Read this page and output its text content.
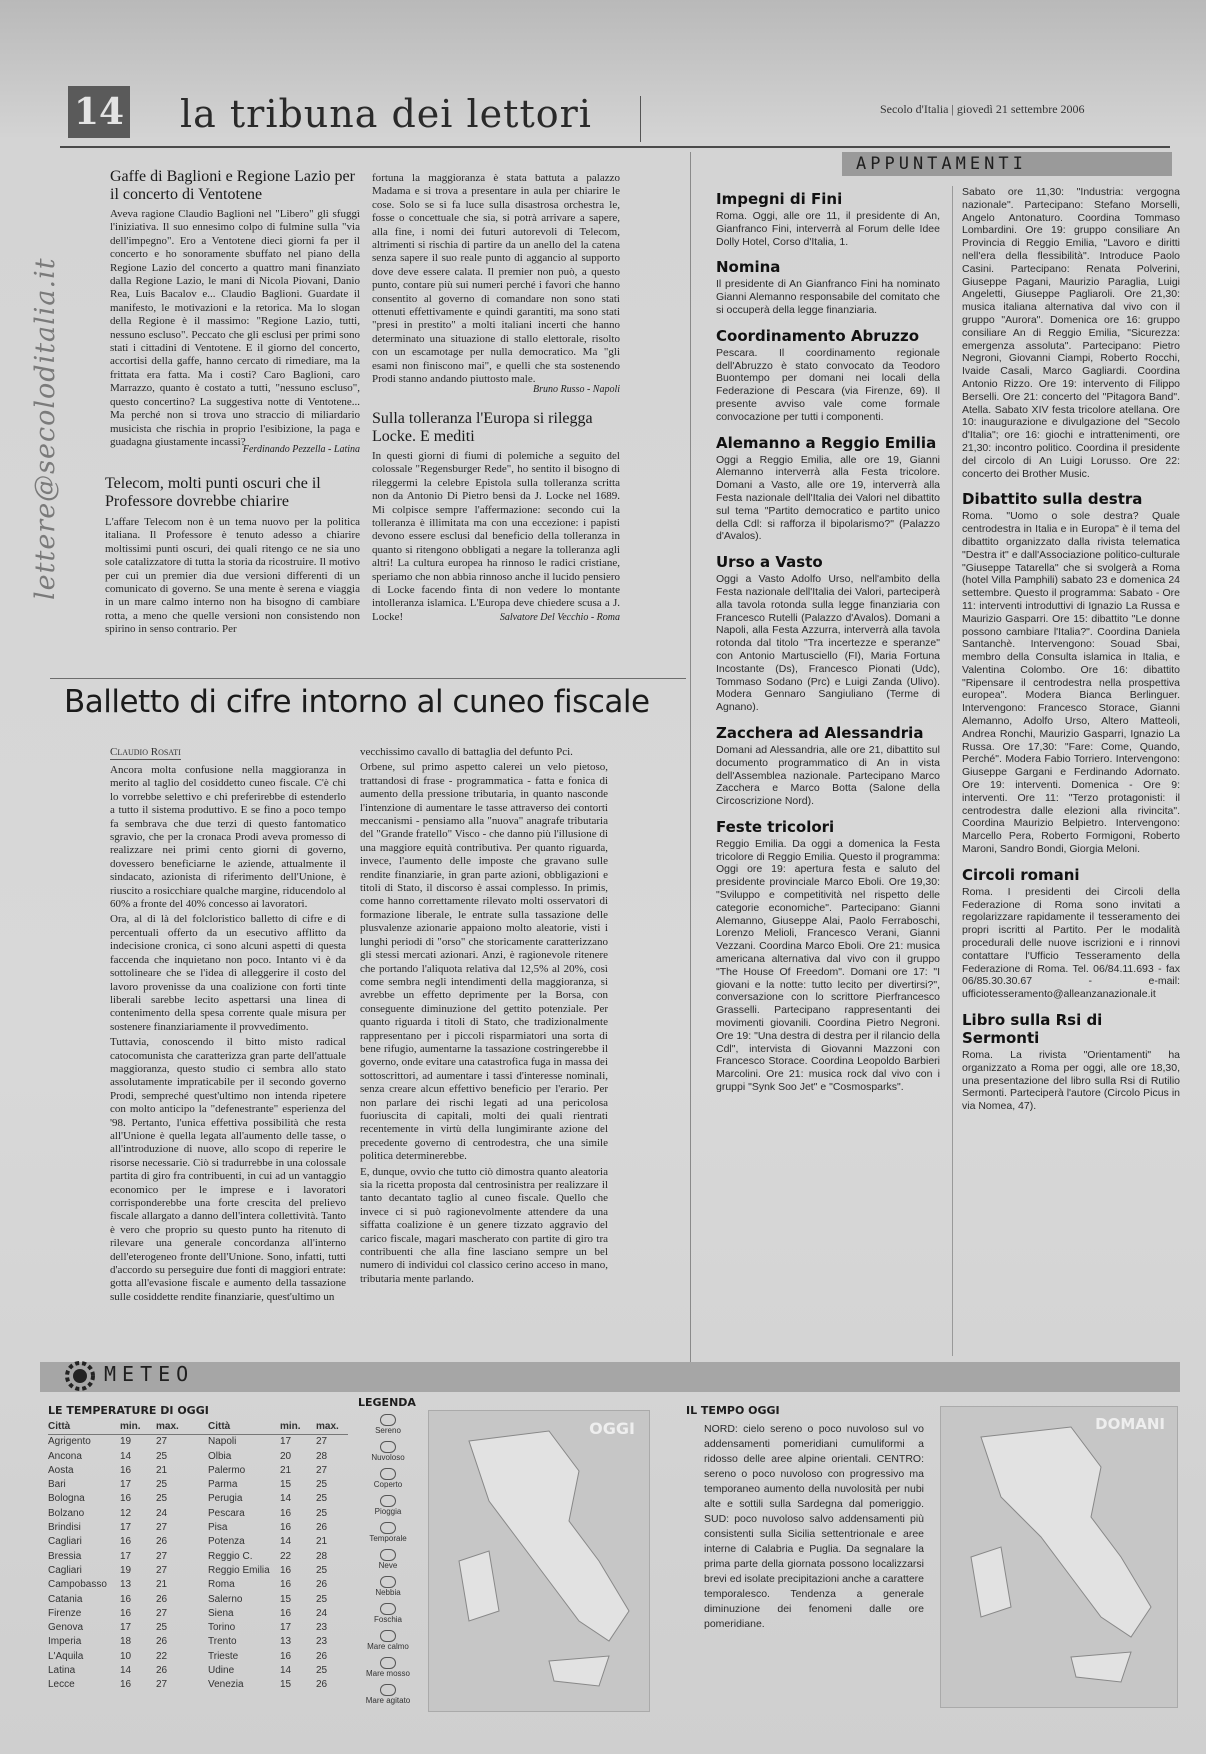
14 la tribuna dei lettori	Secolo d'Italia | giovedì 21 settembre 2006
lettere@secoloditalia.it
Gaffe di Baglioni e Regione Lazio per il concerto di Ventotene

Aveva ragione Claudio Baglioni nel "Libero" gli sfuggì l'iniziativa. Il suo ennesimo colpo di fulmine sulla "via dell'impegno". Ero a Ventotene dieci giorni fa per il concerto e ho sonoramente sbuffato nel piano della Regione Lazio del concerto a quattro mani finanziato dalla Regione Lazio, le mani di Nicola Piovani, Danio Rea, Luis Bacalov e... Claudio Baglioni. Guardate il manifesto, le motivazioni e la retorica. Ma lo slogan della Regione è il massimo: "Regione Lazio, tutti, nessuno escluso". Peccato che gli esclusi per primi sono stati i cittadini di Ventotene. E il giorno del concerto, accortisi della gaffe, hanno cercato di rimediare, ma la frittata era fatta. Ma i costi? Caro Baglioni, caro Marrazzo, quanto è costato a tutti, "nessuno escluso", questo concertino? La suggestiva notte di Ventotene... Ma perché non si trova uno straccio di miliardario musicista che rischia in proprio l'esibizione, la paga e guadagna giustamente incassi?

Ferdinando Pezzella - Latina
Telecom, molti punti oscuri che il Professore dovrebbe chiarire

L'affare Telecom non è un tema nuovo per la politica italiana. Il Professore è tenuto adesso a chiarire moltissimi punti oscuri, dei quali ritengo ce ne sia uno sole catalizzatore di tutta la storia da ricostruire. Il motivo per cui un premier dia due versioni differenti di un comunicato di governo. Se una mente è serena e viaggia in un mare calmo interno non ha bisogno di cambiare rotta, a meno che quelle versioni non consistendo non spirino in senso contrario. Per

fortuna la maggioranza è stata battuta a palazzo Madama e si trova a presentare in aula per chiarire le cose. Solo se si fa luce sulla disastrosa orchestra le, fosse o concettuale che sia, si potrà arrivare a sapere, alla fine, i nomi dei futuri autorevoli di Telecom, altrimenti si rischia di partire da un anello del la catena senza sapere il suo reale punto di aggancio al supporto dove deve essere calata. Il premier non può, a questo punto, contare più sui numeri perché i favori che hanno consentito al governo di comandare non sono stati ottenuti effettivamente e quindi garantiti, ma sono stati "presi in prestito" a molti italiani incerti che hanno determinato una situazione di stallo elettorale, risolto con un escamotage per nulla democratico. Ma "gli esami non finiscono mai", e quelli che sta sostenendo Prodi stanno andando piuttosto male.

Bruno Russo - Napoli
Sulla tolleranza l'Europa si rilegga Locke. E mediti

In questi giorni di fiumi di polemiche a seguito del colossale "Regensburger Rede", ho sentito il bisogno di rileggermi la celebre Epistola sulla tolleranza scritta non da Antonio Di Pietro bensì da J. Locke nel 1689. Mi colpisce sempre l'affermazione: secondo cui la tolleranza è illimitata ma con una eccezione: i papisti devono essere esclusi dal beneficio della tolleranza in quanto si ritengono obbligati a negare la tolleranza agli altri! La cultura europea ha rinnoso le radici cristiane, speriamo che non abbia rinnoso anche il lucido pensiero di Locke facendo finta di non vedere lo montante intolleranza islamica. L'Europa deve chiedere scusa a J. Locke!	Salvatore Del Vecchio - Roma
Balletto di cifre intorno al cuneo fiscale
Claudio Rosati

Ancora molta confusione nella maggioranza in merito al taglio del cosiddetto cuneo fiscale. C'è chi lo vorrebbe selettivo e chi preferirebbe di estenderlo a tutto il sistema produttivo. E se fino a poco tempo fa sembrava che due terzi di questo fantomatico sgravio, che per la cronaca Prodi aveva promesso di realizzare nei primi cento giorni di governo, dovessero beneficiarne le aziende, attualmente il sindacato, azionista di riferimento dell'Unione, è riuscito a rosicchiare qualche margine, riducendolo al 60% a fronte del 40% concesso ai lavoratori.

Ora, al di là del folcloristico balletto di cifre e di percentuali offerto da un esecutivo afflitto da indecisione cronica, ci sono alcuni aspetti di questa faccenda che inquietano non poco. Intanto vi è da sottolineare che se l'idea di alleggerire il costo del lavoro provenisse da una coalizione con forti tinte liberali sarebbe lecito aspettarsi una linea di contenimento della spesa corrente quale misura per sostenere finanziariamente il provvedimento.

Tuttavia, conoscendo il bitto misto radical catocomunista che caratterizza gran parte dell'attuale maggioranza, questo studio ci sembra allo stato assolutamente impraticabile per il secondo governo Prodi, sempreché quest'ultimo non intenda ripetere con molto anticipo la "defenestrante" esperienza del '98. Pertanto, l'unica effettiva possibilità che resta all'Unione è quella legata all'aumento delle tasse, o all'introduzione di nuove, allo scopo di reperire le risorse necessarie. Ciò si tradurrebbe in una colossale partita di giro fra contribuenti, in cui ad un vantaggio economico per le imprese e i lavoratori corrisponderebbe una forte crescita del prelievo fiscale allargato a danno dell'intera collettività. Tanto è vero che proprio su questo punto ha ritenuto di rilevare una generale concordanza all'interno dell'eterogeneo fronte dell'Unione. Sono, infatti, tutti d'accordo su perseguire due fonti di maggiori entrate: gotta all'evasione fiscale e aumento della tassazione sulle cosiddette rendite finanziarie, quest'ultimo un

vecchissimo cavallo di battaglia del defunto Pci.

Orbene, sul primo aspetto calerei un velo pietoso, trattandosi di frase - programmatica - fatta e fonica di aumento della pressione tributaria, in quanto nasconde l'intenzione di aumentare le tasse attraverso dei contorti meccanismi - pensiamo alla "nuova" anagrafe tributaria del "Grande fratello" Visco - che danno più l'illusione di una maggiore equità contributiva. Per quanto riguarda, invece, l'aumento delle imposte che gravano sulle rendite finanziarie, in gran parte azioni, obbligazioni e titoli di Stato, il discorso è assai complesso. In primis, come hanno correttamente rilevato molti osservatori di formazione liberale, le entrate sulla tassazione delle plusvalenze azionarie appaiono molto aleatorie, visti i lunghi periodi di "orso" che storicamente caratterizzano gli stessi mercati azionari. Anzi, è ragionevole ritenere che portando l'aliquota relativa dal 12,5% al 20%, così come sembra negli intendimenti della maggioranza, si avrebbe un effetto deprimente per la Borsa, con conseguente diminuzione del gettito potenziale. Per quanto riguarda i titoli di Stato, che tradizionalmente rappresentano per i piccoli risparmiatori una sorta di bene rifugio, aumentarne la tassazione costringerebbe il governo, onde evitare una catastrofica fuga in massa dei sottoscrittori, ad aumentare i tassi d'interesse nominali, senza creare alcun effettivo beneficio per l'erario. Per non parlare dei rischi legati ad una pericolosa fuoriuscita di capitali, molti dei quali rientrati recentemente in virtù della lungimirante azione del precedente governo di centrodestra, che una simile politica determinerebbe.

E, dunque, ovvio che tutto ciò dimostra quanto aleatoria sia la ricetta proposta dal centrosinistra per realizzare il tanto decantato taglio al cuneo fiscale. Quello che invece ci si può ragionevolmente attendere da una siffatta coalizione è un genere tizzato aggravio del carico fiscale, magari mascherato con partite di giro tra contribuenti che alla fine lasciano sempre un bel numero di individui col classico cerino acceso in mano, tributaria mente parlando.

APPUNTAMENTI
Impegni di Fini
Roma. Oggi, alle ore 11, il presidente di An, Gianfranco Fini, interverrà al Forum delle Idee Dolly Hotel, Corso d'Italia, 1.
Nomina
Il presidente di An Gianfranco Fini ha nominato Gianni Alemanno responsabile del comitato che si occuperà della legge finanziaria.
Coordinamento Abruzzo
Pescara. Il coordinamento regionale dell'Abruzzo è stato convocato da Teodoro Buontempo per domani nei locali della Federazione di Pescara (via Firenze, 69). Il presente avviso vale come formale convocazione per tutti i componenti.
Alemanno a Reggio Emilia
Oggi a Reggio Emilia, alle ore 19, Gianni Alemanno interverrà alla Festa tricolore. Domani a Vasto, alle ore 19, interverrà alla Festa nazionale dell'Italia dei Valori nel dibattito sul tema "Partito democratico e partito unico della Cdl: si rafforza il bipolarismo?" (Palazzo d'Avalos).
Urso a Vasto
Oggi a Vasto Adolfo Urso, nell'ambito della Festa nazionale dell'Italia dei Valori, parteciperà alla tavola rotonda sulla legge finanziaria con Francesco Rutelli (Palazzo d'Avalos). Domani a Napoli, alla Festa Azzurra, interverrà alla tavola rotonda dal titolo "Tra incertezze e speranze" con Antonio Martusciello (FI), Maria Fortuna Incostante (Ds), Francesco Pionati (Udc), Tommaso Sodano (Prc) e Luigi Zanda (Ulivo). Modera Gennaro Sangiuliano (Terme di Agnano).
Zacchera ad Alessandria
Domani ad Alessandria, alle ore 21, dibattito sul documento programmatico di An in vista dell'Assemblea nazionale. Partecipano Marco Zacchera e Marco Botta (Salone della Circoscrizione Nord).
Feste tricolori
Reggio Emilia. Da oggi a domenica la Festa tricolore di Reggio Emilia. Questo il programma: Oggi ore 19: apertura festa e saluto del presidente provinciale Marco Eboli. Ore 19,30: "Sviluppo e competitività nel rispetto delle categorie economiche". Partecipano: Gianni Alemanno, Giuseppe Alai, Paolo Ferraboschi, Lorenzo Melioli, Francesco Verani, Gianni Vezzani. Coordina Marco Eboli. Ore 21: musica americana alternativa dal vivo con il gruppo "The House Of Freedom". Domani ore 17: "I giovani e la notte: tutto lecito per divertirsi?", conversazione con lo scrittore Pierfrancesco Grasselli. Partecipano rappresentanti dei movimenti giovanili. Coordina Pietro Negroni. Ore 19: "Una destra di destra per il rilancio della Cdl", intervista di Giovanni Mazzoni con Francesco Storace. Coordina Leopoldo Barbieri Marcolini. Ore 21: musica rock dal vivo con i gruppi "Synk Soo Jet" e "Cosmosparks".
Sabato ore 11,30: "Industria: vergogna nazionale". Partecipano: Stefano Morselli, Angelo Antonaturo. Coordina Tommaso Lombardini. Ore 19: gruppo consiliare An Provincia di Reggio Emilia, "Lavoro e diritti nell'era della flessibilità". Introduce Paolo Casini. Partecipano: Renata Polverini, Giuseppe Pagani, Maurizio Paraglia, Luigi Angeletti, Giuseppe Pagliaroli. Ore 21,30: musica italiana alternativa dal vivo con il gruppo "Aurora". Domenica ore 16: gruppo consiliare An di Reggio Emilia, "Sicurezza: emergenza assoluta". Partecipano: Pietro Negroni, Giovanni Ciampi, Roberto Rocchi, Ivaide Casali, Marco Gagliardi. Coordina Antonio Rizzo. Ore 19: intervento di Filippo Berselli. Ore 21: concerto del "Pitagora Band". Atella. Sabato XIV festa tricolore atellana. Ore 10: inaugurazione e divulgazione del "Secolo d'Italia"; ore 16: giochi e intrattenimenti, ore 21,30: incontro politico. Coordina il presidente del circolo di An Luigi Lorusso. Ore 22: concerto dei Brother Music.
Dibattito sulla destra
Roma. "Uomo o sole destra? Quale centrodestra in Italia e in Europa" è il tema del dibattito organizzato dalla rivista telematica "Destra it" e dall'Associazione politico-culturale "Giuseppe Tatarella" che si svolgerà a Roma (hotel Villa Pamphili) sabato 23 e domenica 24 settembre. Questo il programma: Sabato - Ore 11: interventi introduttivi di Ignazio La Russa e Maurizio Gasparri. Ore 15: dibattito "Le donne possono cambiare l'Italia?". Coordina Daniela Santanchè. Intervengono: Souad Sbai, membro della Consulta islamica in Italia, e Valentina Colombo. Ore 16: dibattito "Ripensare il centrodestra nella prospettiva europea". Modera Bianca Berlinguer. Intervengono: Francesco Storace, Gianni Alemanno, Adolfo Urso, Altero Matteoli, Andrea Ronchi, Maurizio Gasparri, Ignazio La Russa. Ore 17,30: "Fare: Come, Quando, Perché". Modera Fabio Torriero. Intervengono: Giuseppe Gargani e Ferdinando Adornato. Ore 19: interventi. Domenica - Ore 9: interventi. Ore 11: "Terzo protagonisti: il centrodestra dalle elezioni alla rivincita". Coordina Maurizio Belpietro. Intervengono: Marcello Pera, Roberto Formigoni, Roberto Maroni, Sandro Bondi, Giorgia Meloni.
Circoli romani
Roma. I presidenti dei Circoli della Federazione di Roma sono invitati a regolarizzare rapidamente il tesseramento dei propri iscritti al Partito. Per le modalità procedurali delle nuove iscrizioni e i rinnovi contattare l'Ufficio Tesseramento della Federazione di Roma. Tel. 06/84.11.693 - fax 06/85.30.30.67 - e-mail: ufficiotesseramento@alleanzanazionale.it
Libro sulla Rsi di Sermonti
Roma. La rivista "Orientamenti" ha organizzato a Roma per oggi, alle ore 18,30, una presentazione del libro sulla Rsi di Rutilio Sermonti. Parteciperà l'autore (Circolo Picus in via Nomea, 47).
METEO
LE TEMPERATURE DI OGGI
Città	min.	max.	Città	min.	max.
Agrigento	19	27	Napoli	17	27
Ancona	14	25	Olbia	20	28
Aosta	16	21	Palermo	21	27
Bari	17	25	Parma	15	25
Bologna	16	25	Perugia	14	25
Bolzano	12	24	Pescara	16	25
Brindisi	17	27	Pisa	16	26
Cagliari	16	26	Potenza	14	21
Bressia	17	27	Reggio C.	22	28
Cagliari	19	27	Reggio Emilia	16	25
Campobasso	13	21	Roma	16	26
Catania	16	26	Salerno	15	25
Firenze	16	27	Siena	16	24
Genova	17	25	Torino	17	23
Imperia	18	26	Trento	13	23
L'Aquila	10	22	Trieste	16	26
Latina	14	26	Udine	14	25
Lecce	16	27	Venezia	15	26
LEGENDA
Sereno
Nuvoloso
Coperto
Pioggia
Temporale
Neve
Nebbia
Foschia
Mare calmo
Mare mosso
Mare agitato
OGGI
IL TEMPO OGGI
NORD: cielo sereno o poco nuvoloso sul vo addensamenti pomeridiani cumuliformi a ridosso delle aree alpine orientali. CENTRO: sereno o poco nuvoloso con progressivo ma temporaneo aumento della nuvolosità per nubi alte e sottili sulla Sardegna dal pomeriggio. SUD: poco nuvoloso salvo addensamenti più consistenti sulla Sicilia settentrionale e aree interne di Calabria e Puglia. Da segnalare la prima parte della giornata possono localizzarsi brevi ed isolate precipitazioni anche a carattere temporalesco. Tendenza a generale diminuzione dei fenomeni dalle ore pomeridiane.
DOMANI
